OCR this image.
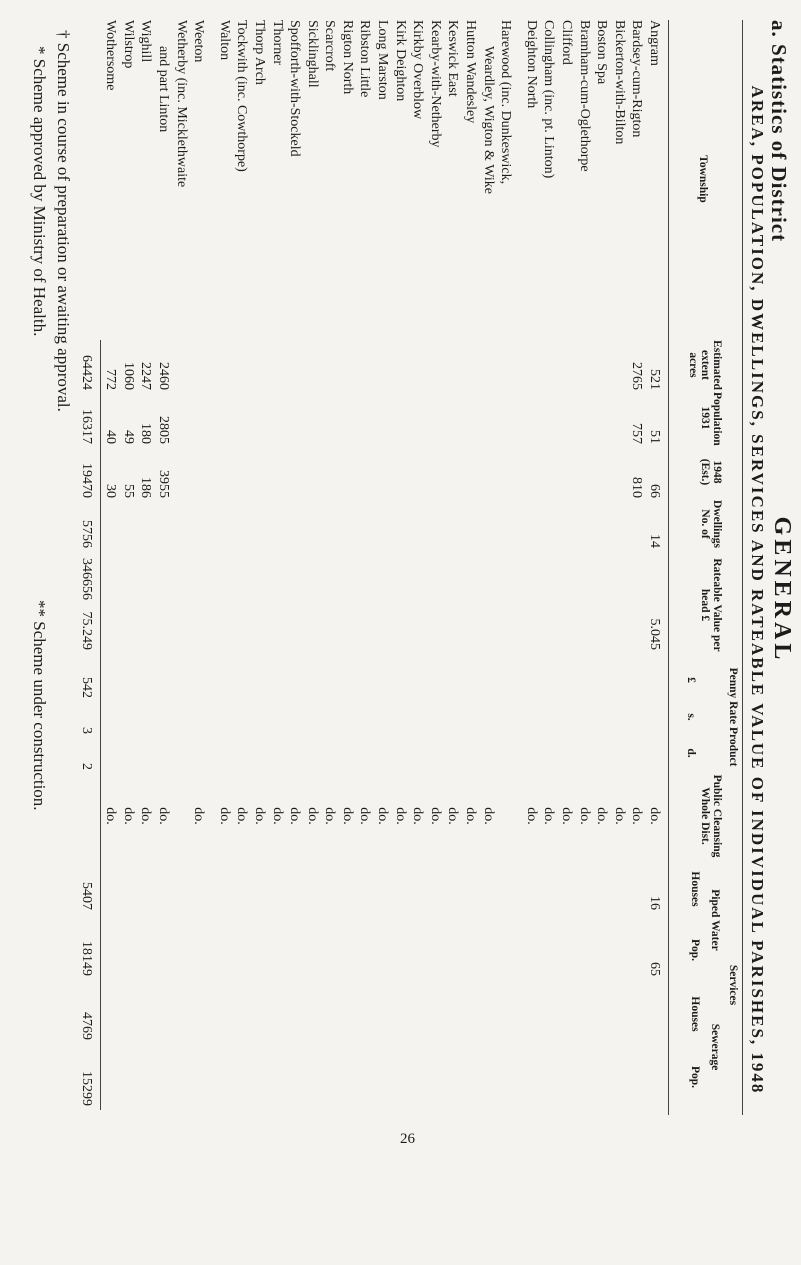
a. Statistics of District
GENERAL
AREA, POPULATION, DWELLINGS, SERVICES AND RATEABLE VALUE OF INDIVIDUAL PARISHES, 1948
Township
Estimated extent acres
Population 1931
1948 (Est.)
Dwellings No. of
Rateable Value per head £
Penny Rate Product
£
s.
d.
Public Cleansing Whole Dist.
Services
Piped Water
Houses
Pop.
Sewerage
Houses
Pop.
Angram
Bardsey-cum-Rigton
Bickerton-with-Bilton
Boston Spa
Bramham-cum-Oglethorpe
Clifford
Collingham (inc. pt. Linton)
Deighton North
Harewood (inc. Dunkeswick,
Weardley, Wigton & Wike
Hutton Wandesley
Keswick East
Kearby-with-Netherby
Kirkby Overblow
Kirk Deighton
Long Marston
Ribston Little
Rigton North
Scarcroft
Sicklinghall
Spofforth-with-Stockeld
Thorner
Thorp Arch
Tockwith (inc. Cowthorpe)
Walton
Weeton
Wetherby (inc. Micklethwaite
and part Linton
Wighill
Wilstrop
Wothersome
521
2765
2460
2247
1060
772
51
757
2805
180
49
40
66
810
3955
186
55
30
14
5.045
do.
do.
do.
do.
do.
do.
do.
do.
do.
do.
do.
do.
do.
do.
do.
do.
do.
do.
do.
do.
do.
do.
do.
do.
do.
do.
do.
do.
do.
16
65
64424
16317
19470
5756
346656
75.249
542
3
2
5407
18149
4769
15299
† Scheme in course of preparation or awaiting approval.
* Scheme approved by Ministry of Health.
** Scheme under construction.
26
